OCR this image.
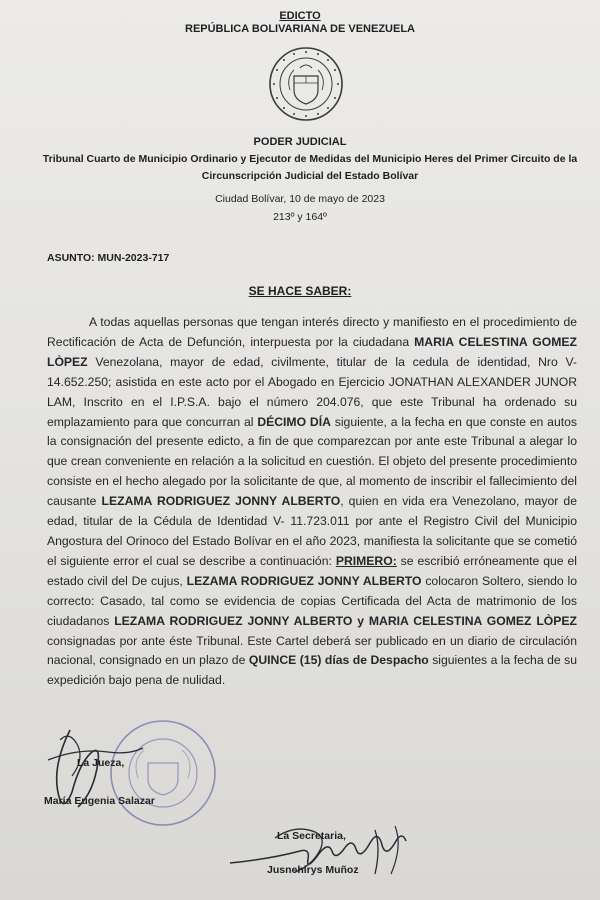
EDICTO
REPÚBLICA BOLIVARIANA DE VENEZUELA
PODER JUDICIAL
Tribunal Cuarto de Municipio Ordinario y Ejecutor de Medidas del Municipio Heres del Primer Circuito de la Circunscripción Judicial del Estado Bolívar
Ciudad Bolívar, 10 de mayo de 2023
213º y 164º
ASUNTO: MUN-2023-717
SE HACE SABER:
A todas aquellas personas que tengan interés directo y manifiesto en el procedimiento de Rectificación de Acta de Defunción, interpuesta por la ciudadana MARIA CELESTINA GOMEZ LÒPEZ Venezolana, mayor de edad, civilmente, titular de la cedula de identidad, Nro V- 14.652.250; asistida en este acto por el Abogado en Ejercicio JONATHAN ALEXANDER JUNOR LAM, Inscrito en el I.P.S.A. bajo el número 204.076, que este Tribunal ha ordenado su emplazamiento para que concurran al DÉCIMO DÍA siguiente, a la fecha en que conste en autos la consignación del presente edicto, a fin de que comparezcan por ante este Tribunal a alegar lo que crean conveniente en relación a la solicitud en cuestión. El objeto del presente procedimiento consiste en el hecho alegado por la solicitante de que, al momento de inscribir el fallecimiento del causante LEZAMA RODRIGUEZ JONNY ALBERTO, quien en vida era Venezolano, mayor de edad, titular de la Cédula de Identidad V- 11.723.011 por ante el Registro Civil del Municipio Angostura del Orinoco del Estado Bolívar en el año 2023, manifiesta la solicitante que se cometió el siguiente error el cual se describe a continuación: PRIMERO: se escribió erróneamente que el estado civil del De cujus, LEZAMA RODRIGUEZ JONNY ALBERTO colocaron Soltero, siendo lo correcto: Casado, tal como se evidencia de copias Certificada del Acta de matrimonio de los ciudadanos LEZAMA RODRIGUEZ JONNY ALBERTO y MARIA CELESTINA GOMEZ LÒPEZ consignadas por ante éste Tribunal. Este Cartel deberá ser publicado en un diario de circulación nacional, consignado en un plazo de QUINCE (15) días de Despacho siguientes a la fecha de su expedición bajo pena de nulidad.
La Jueza,
María Eugenia Salazar
La Secretaria,
Jusnehirys Muñoz
